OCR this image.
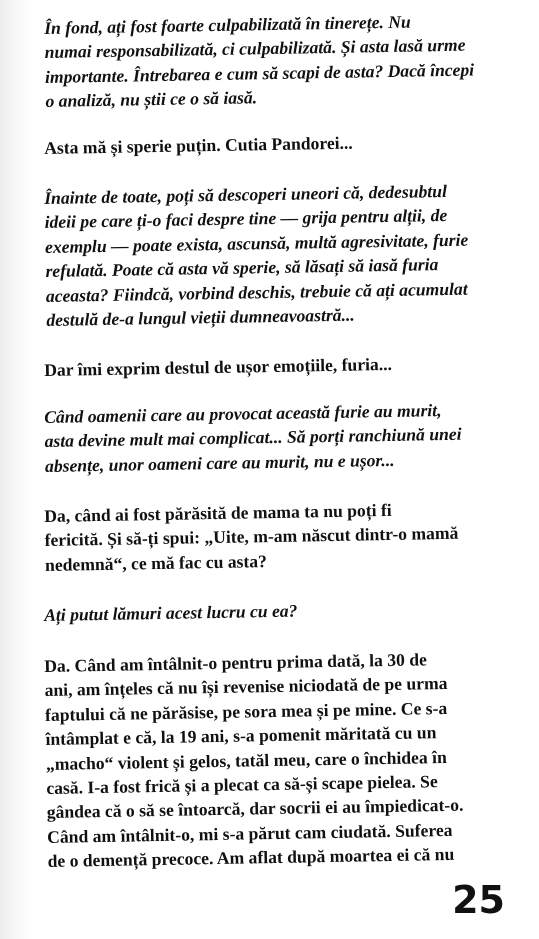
În fond, ați fost foarte culpabilizată în tinerețe. Nu
numai responsabilizată, ci culpabilizată. Și asta lasă urme
importante. Întrebarea e cum să scapi de asta? Dacă începi
o analiză, nu știi ce o să iasă.

Asta mă și sperie puțin. Cutia Pandorei...

Înainte de toate, poți să descoperi uneori că, dedesubtul
ideii pe care ți-o faci despre tine — grija pentru alții, de
exemplu — poate exista, ascunsă, multă agresivitate, furie
refulată. Poate că asta vă sperie, să lăsați să iasă furia
aceasta? Fiindcă, vorbind deschis, trebuie că ați acumulat
destulă de-a lungul vieții dumneavoastră...

Dar îmi exprim destul de ușor emoțiile, furia...

Când oamenii care au provocat această furie au murit,
asta devine mult mai complicat... Să porți ranchiună unei
absențe, unor oameni care au murit, nu e ușor...

Da, când ai fost părăsită de mama ta nu poți fi
fericită. Și să-ți spui: „Uite, m-am născut dintr-o mamă
nedemnă“, ce mă fac cu asta?

Ați putut lămuri acest lucru cu ea?

Da. Când am întâlnit-o pentru prima dată, la 30 de
ani, am înțeles că nu își revenise niciodată de pe urma
faptului că ne părăsise, pe sora mea și pe mine. Ce s-a
întâmplat e că, la 19 ani, s-a pomenit măritată cu un
„macho“ violent și gelos, tatăl meu, care o închidea în
casă. I-a fost frică și a plecat ca să-și scape pielea. Se
gândea că o să se întoarcă, dar socrii ei au împiedicat-o.
Când am întâlnit-o, mi s-a părut cam ciudată. Suferea
de o demență precoce. Am aflat după moartea ei că nu

25
